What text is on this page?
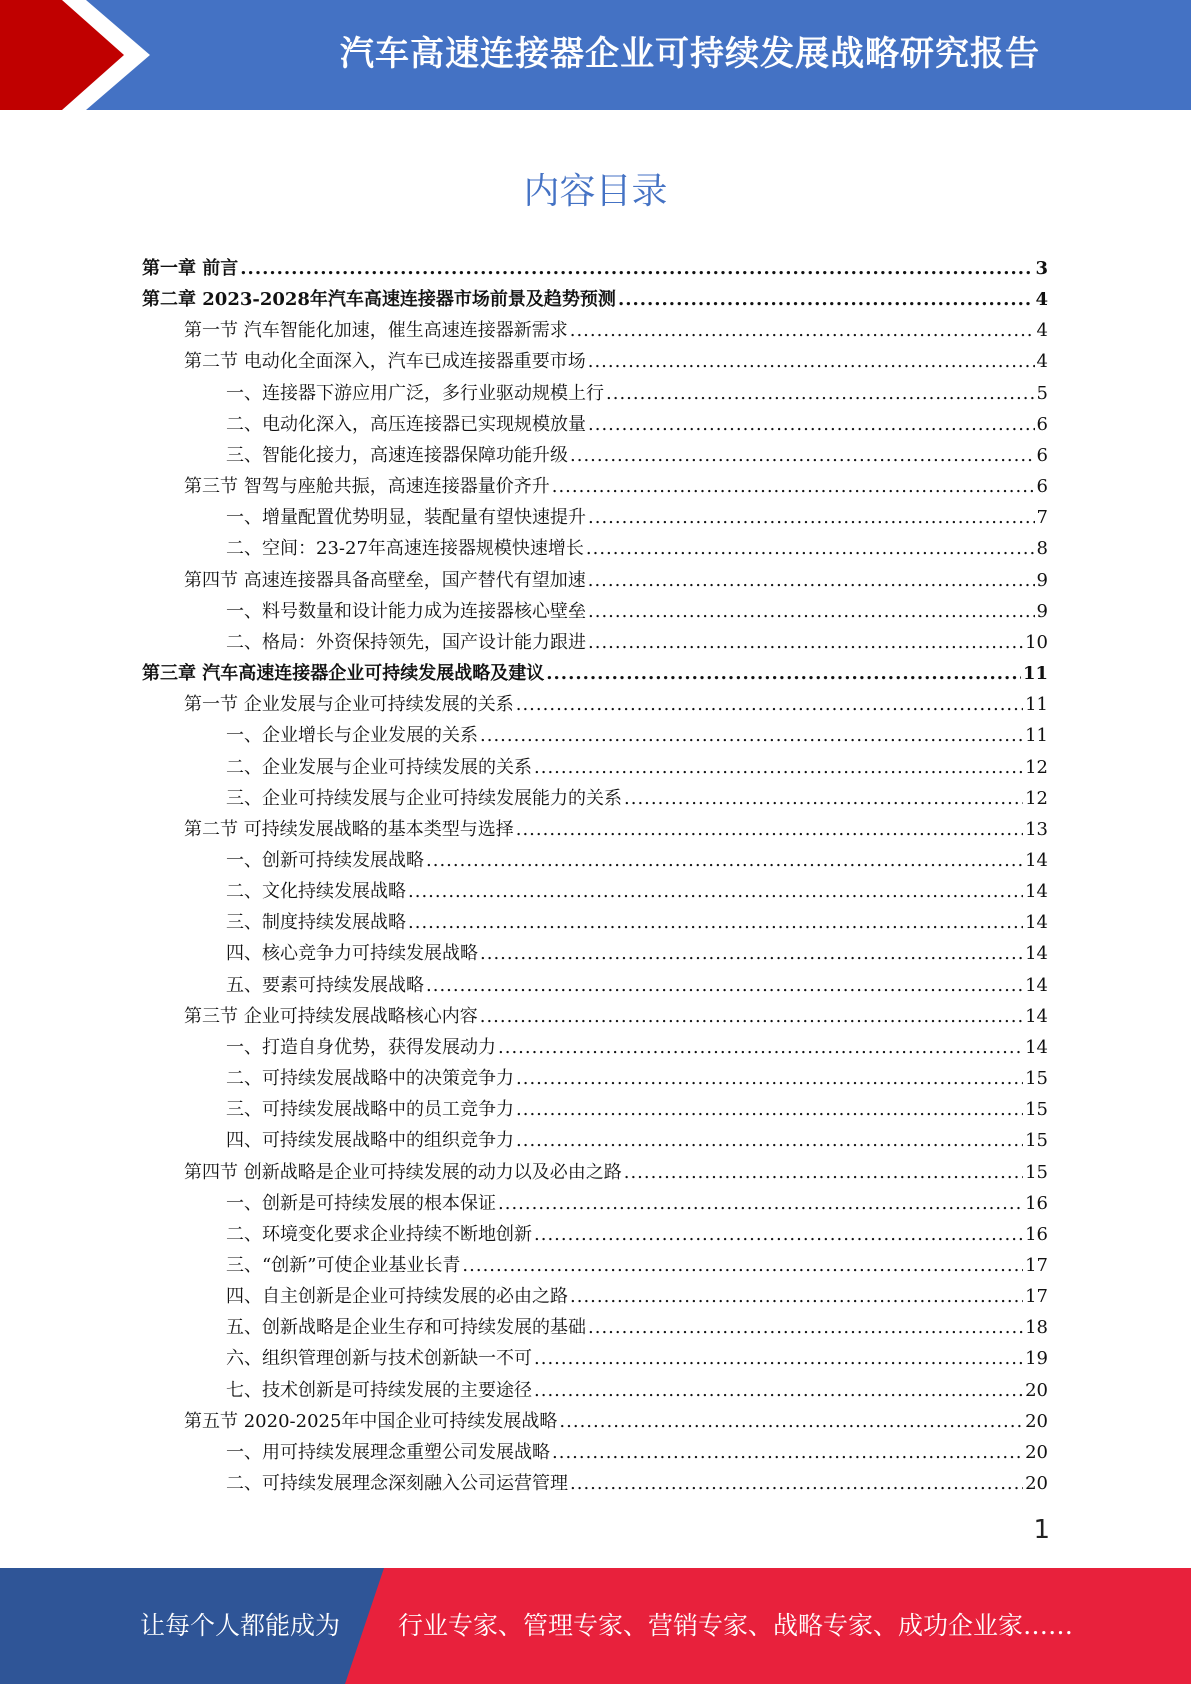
汽车高速连接器企业可持续发展战略研究报告
内容目录
第一章 前言 .....	3
第二章 2023-2028年汽车高速连接器市场前景及趋势预测 .....	4
第一节 汽车智能化加速，催生高速连接器新需求 .....	4
第二节 电动化全面深入，汽车已成连接器重要市场 .....	4
一、连接器下游应用广泛，多行业驱动规模上行 .....	5
二、电动化深入，高压连接器已实现规模放量 .....	6
三、智能化接力，高速连接器保障功能升级 .....	6
第三节 智驾与座舱共振，高速连接器量价齐升 .....	6
一、增量配置优势明显，装配量有望快速提升 .....	7
二、空间：23-27年高速连接器规模快速增长 .....	8
第四节 高速连接器具备高壁垒，国产替代有望加速 .....	9
一、料号数量和设计能力成为连接器核心壁垒 .....	9
二、格局：外资保持领先，国产设计能力跟进 .....	10
第三章 汽车高速连接器企业可持续发展战略及建议 .....	11
第一节 企业发展与企业可持续发展的关系 .....	11
一、企业增长与企业发展的关系 .....	11
二、企业发展与企业可持续发展的关系 .....	12
三、企业可持续发展与企业可持续发展能力的关系 .....	12
第二节 可持续发展战略的基本类型与选择 .....	13
一、创新可持续发展战略 .....	14
二、文化持续发展战略 .....	14
三、制度持续发展战略 .....	14
四、核心竞争力可持续发展战略 .....	14
五、要素可持续发展战略 .....	14
第三节 企业可持续发展战略核心内容 .....	14
一、打造自身优势，获得发展动力 .....	14
二、可持续发展战略中的决策竞争力 .....	15
三、可持续发展战略中的员工竞争力 .....	15
四、可持续发展战略中的组织竞争力 .....	15
第四节 创新战略是企业可持续发展的动力以及必由之路 .....	15
一、创新是可持续发展的根本保证 .....	16
二、环境变化要求企业持续不断地创新 .....	16
三、“创新”可使企业基业长青 .....	17
四、自主创新是企业可持续发展的必由之路 .....	17
五、创新战略是企业生存和可持续发展的基础 .....	18
六、组织管理创新与技术创新缺一不可 .....	19
七、技术创新是可持续发展的主要途径 .....	20
第五节 2020-2025年中国企业可持续发展战略 .....	20
一、用可持续发展理念重塑公司发展战略 .....	20
二、可持续发展理念深刻融入公司运营管理 .....	20
1
让每个人都能成为 行业专家、管理专家、营销专家、战略专家、成功企业家……
